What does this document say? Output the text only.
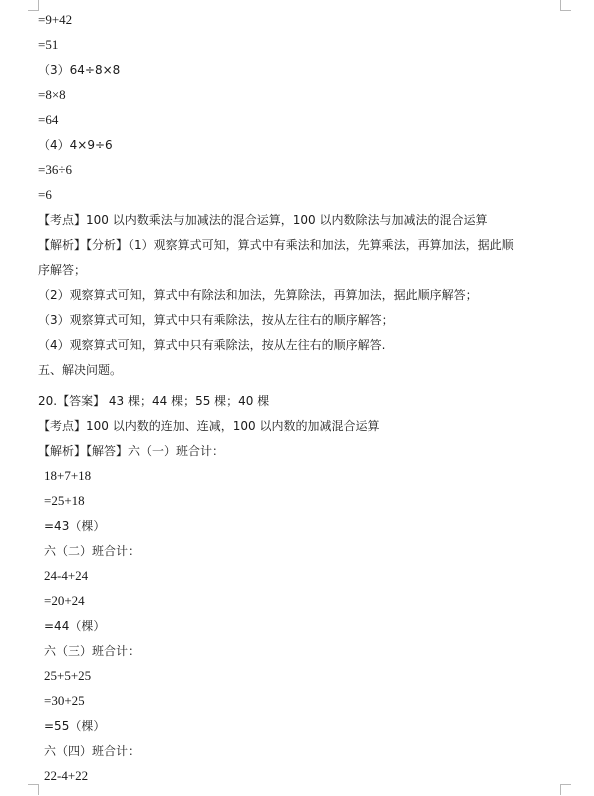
=9+42
=51
（3）64÷8×8
=8×8
=64
（4）4×9÷6
=36÷6
=6
【考点】100 以内数乘法与加减法的混合运算，100 以内数除法与加减法的混合运算
【解析】【分析】（1）观察算式可知，算式中有乘法和加法，先算乘法，再算加法，据此顺
序解答；
（2）观察算式可知，算式中有除法和加法，先算除法，再算加法，据此顺序解答；
（3）观察算式可知，算式中只有乘除法，按从左往右的顺序解答；
（4）观察算式可知，算式中只有乘除法，按从左往右的顺序解答.
五、解决问题。
20.【答案】 43 棵；44 棵；55 棵；40 棵
【考点】100 以内数的连加、连减，100 以内数的加减混合运算
【解析】【解答】六（一）班合计：
18+7+18
=25+18
=43（棵）
六（二）班合计：
24-4+24
=20+24
=44（棵）
六（三）班合计：
25+5+25
=30+25
=55（棵）
六（四）班合计：
22-4+22
